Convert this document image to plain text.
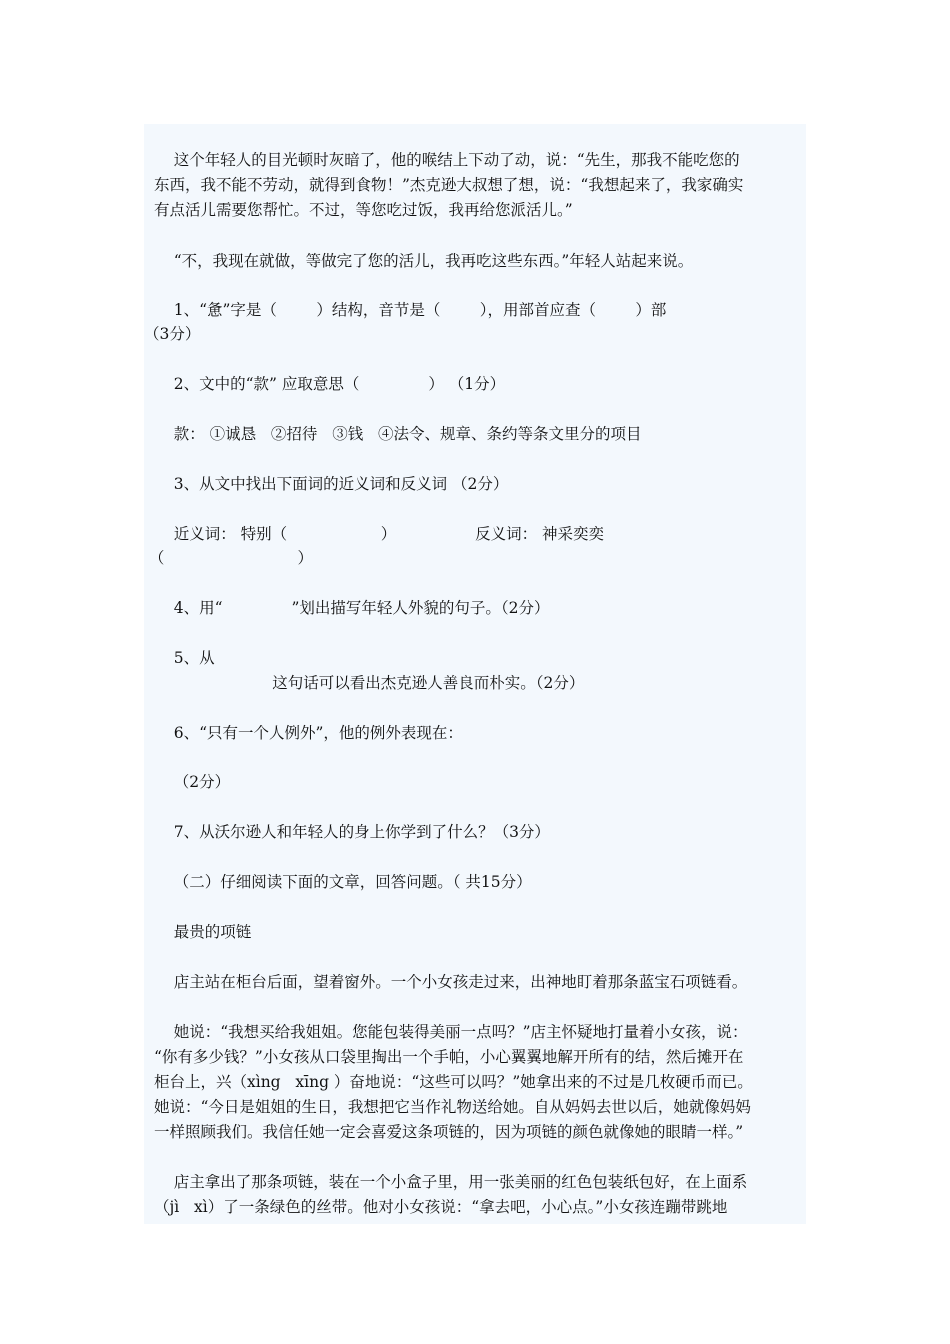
这个年轻人的目光顿时灰暗了，他的喉结上下动了动，说：“先生，那我不能吃您的

东西，我不能不劳动，就得到食物！”杰克逊大叔想了想，说：“我想起来了，我家确实

有点活儿需要您帮忙。不过，等您吃过饭，我再给您派活儿。”

“不，我现在就做，等做完了您的活儿，我再吃这些东西。”年轻人站起来说。

1、“惫”字是（        ）结构，音节是（        ），用部首应查（        ）部

（3分）

2、文中的“款” 应取意思（              ） （1分）

款： ①诚恳   ②招待   ③钱   ④法令、规章、条约等条文里分的项目

3、从文中找出下面词的近义词和反义词 （2分）

近义词： 特别（                   ）                反义词： 神采奕奕

（                           ）

4、用“              ”划出描写年轻人外貌的句子。（2分）

5、从

这句话可以看出杰克逊人善良而朴实。（2分）

6、“只有一个人例外”，他的例外表现在：

（2分）

7、从沃尔逊人和年轻人的身上你学到了什么？（3分）

（二）仔细阅读下面的文章，回答问题。（ 共15分）

最贵的项链

店主站在柜台后面，望着窗外。一个小女孩走过来，出神地盯着那条蓝宝石项链看。

她说：“我想买给我姐姐。您能包装得美丽一点吗？”店主怀疑地打量着小女孩，说：

“你有多少钱？”小女孩从口袋里掏出一个手帕，小心翼翼地解开所有的结，然后摊开在

柜台上，兴（xìng   xīng ）奋地说：“这些可以吗？”她拿出来的不过是几枚硬币而已。

她说：“今日是姐姐的生日，我想把它当作礼物送给她。自从妈妈去世以后，她就像妈妈

一样照顾我们。我信任她一定会喜爱这条项链的，因为项链的颜色就像她的眼睛一样。”

店主拿出了那条项链，装在一个小盒子里，用一张美丽的红色包装纸包好，在上面系

（jì   xì）了一条绿色的丝带。他对小女孩说：“拿去吧，小心点。”小女孩连蹦带跳地
